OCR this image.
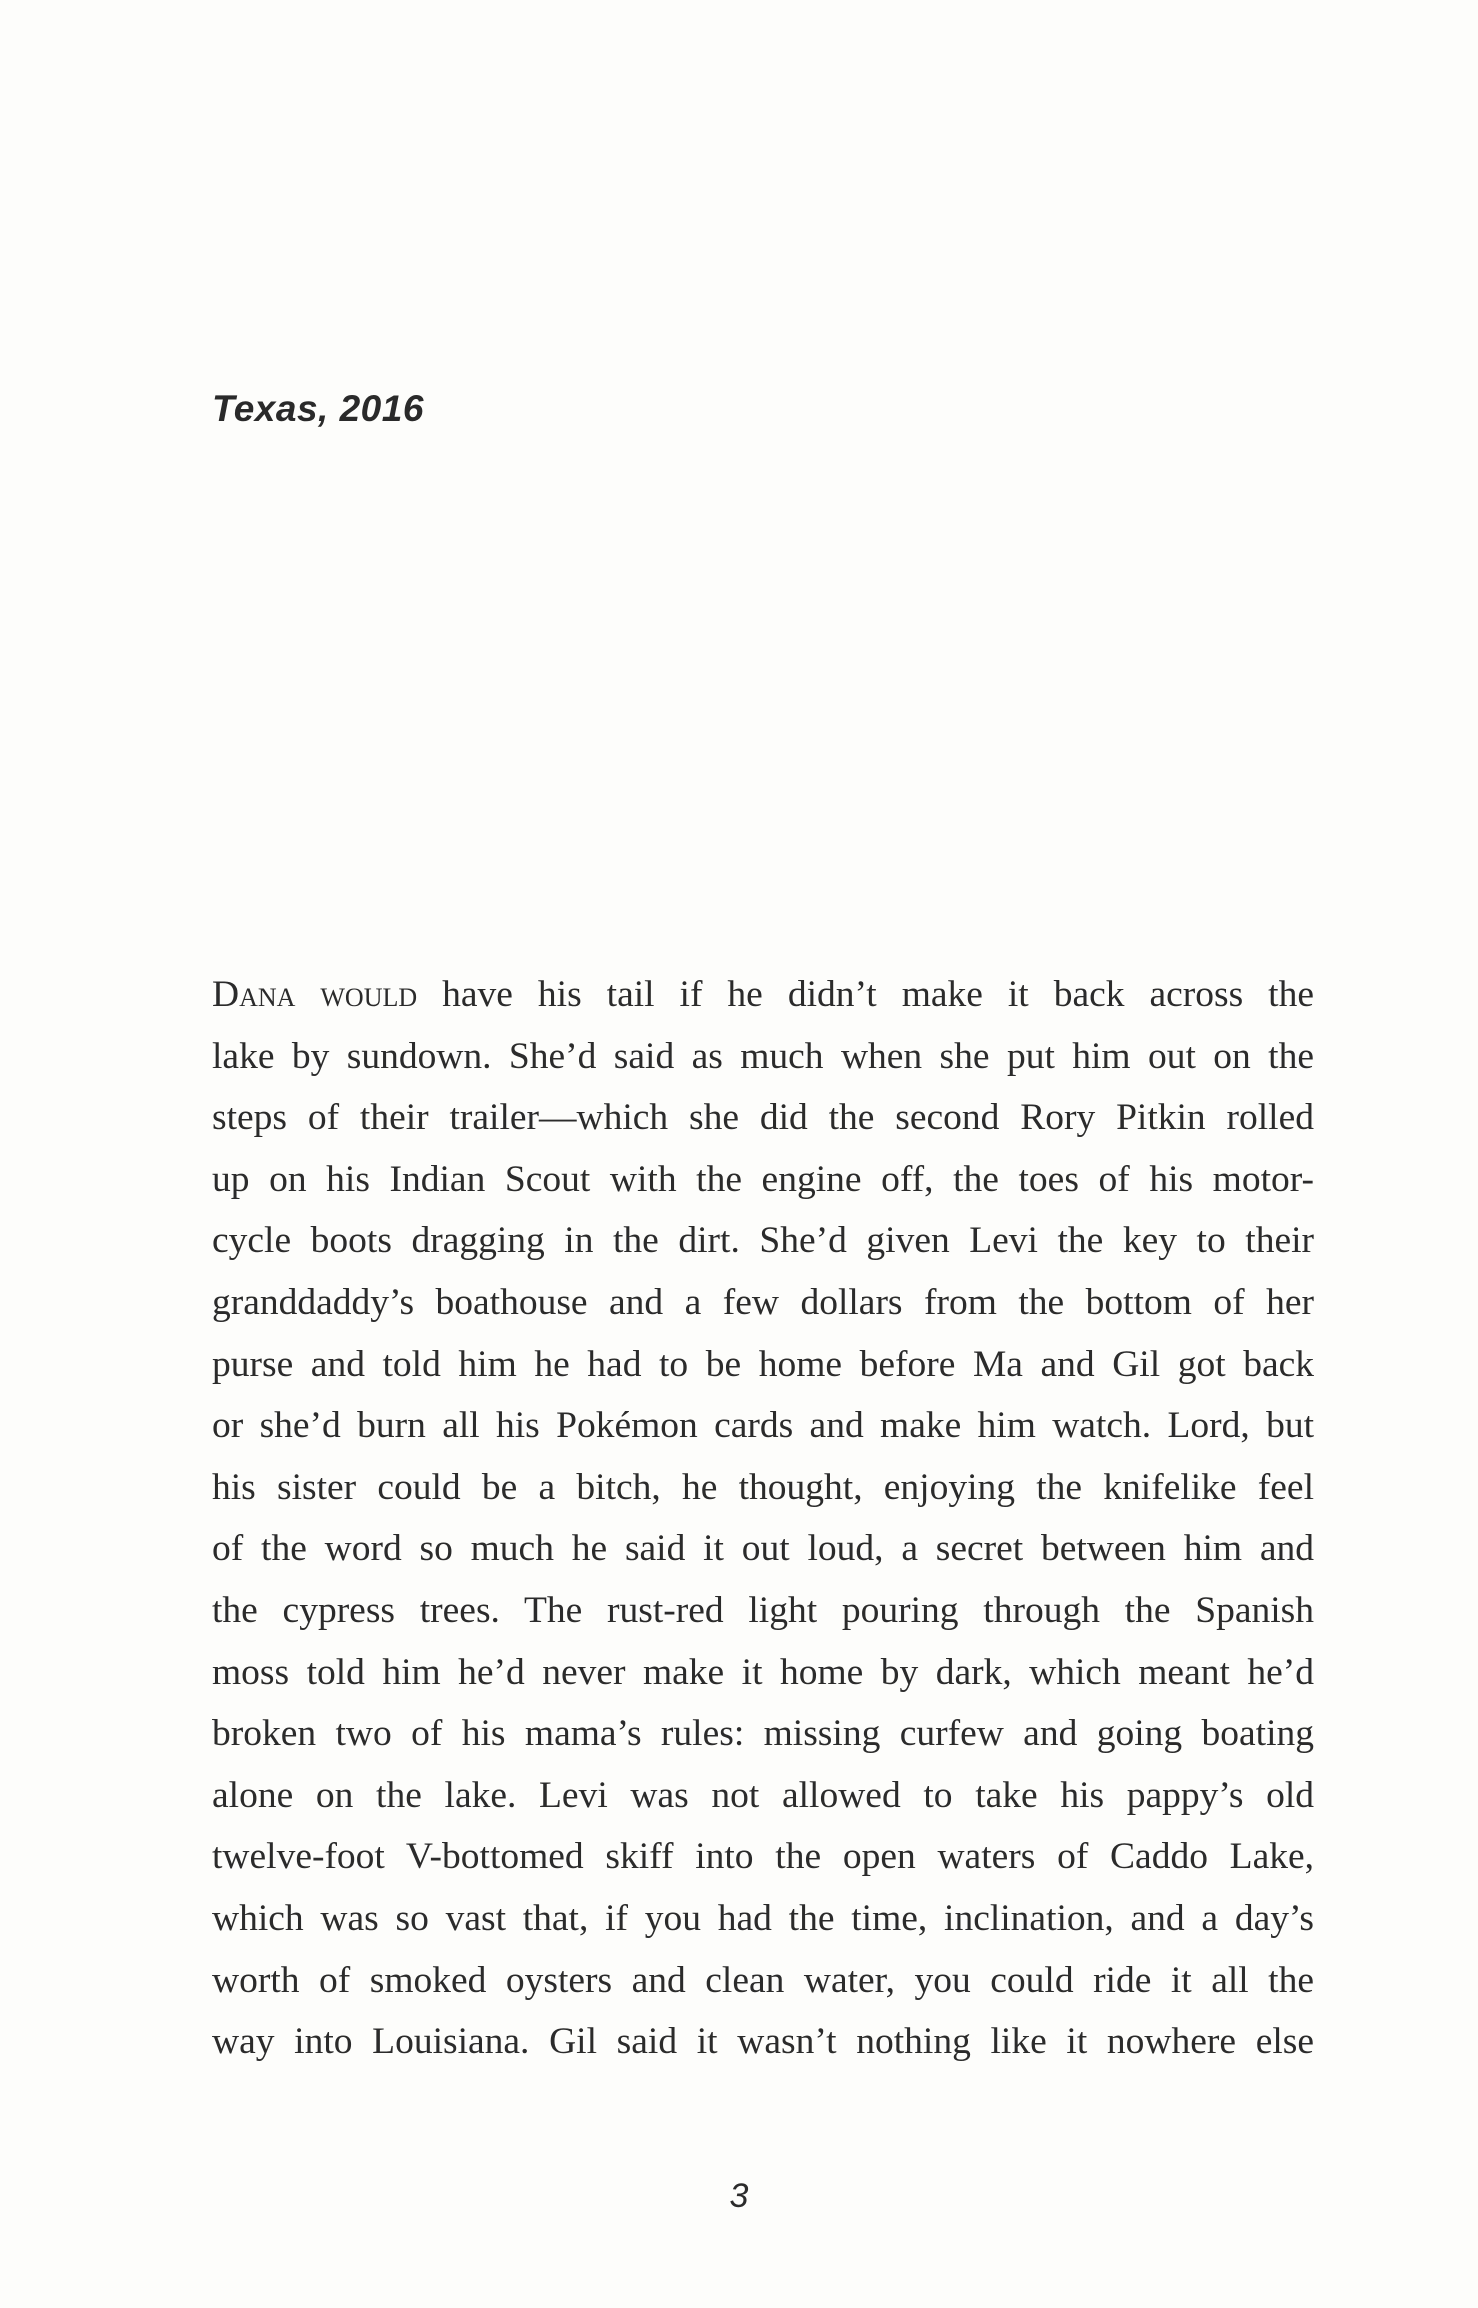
Texas, 2016
Dana would have his tail if he didn’t make it back across the
lake by sundown. She’d said as much when she put him out on the
steps of their trailer—which she did the second Rory Pitkin rolled
up on his Indian Scout with the engine off, the toes of his motor-
cycle boots dragging in the dirt. She’d given Levi the key to their
granddaddy’s boathouse and a few dollars from the bottom of her
purse and told him he had to be home before Ma and Gil got back
or she’d burn all his Pokémon cards and make him watch. Lord, but
his sister could be a bitch, he thought, enjoying the knifelike feel
of the word so much he said it out loud, a secret between him and
the cypress trees. The rust-red light pouring through the Spanish
moss told him he’d never make it home by dark, which meant he’d
broken two of his mama’s rules: missing curfew and going boating
alone on the lake. Levi was not allowed to take his pappy’s old
twelve-foot V-bottomed skiff into the open waters of Caddo Lake,
which was so vast that, if you had the time, inclination, and a day’s
worth of smoked oysters and clean water, you could ride it all the
way into Louisiana. Gil said it wasn’t nothing like it nowhere else
3
